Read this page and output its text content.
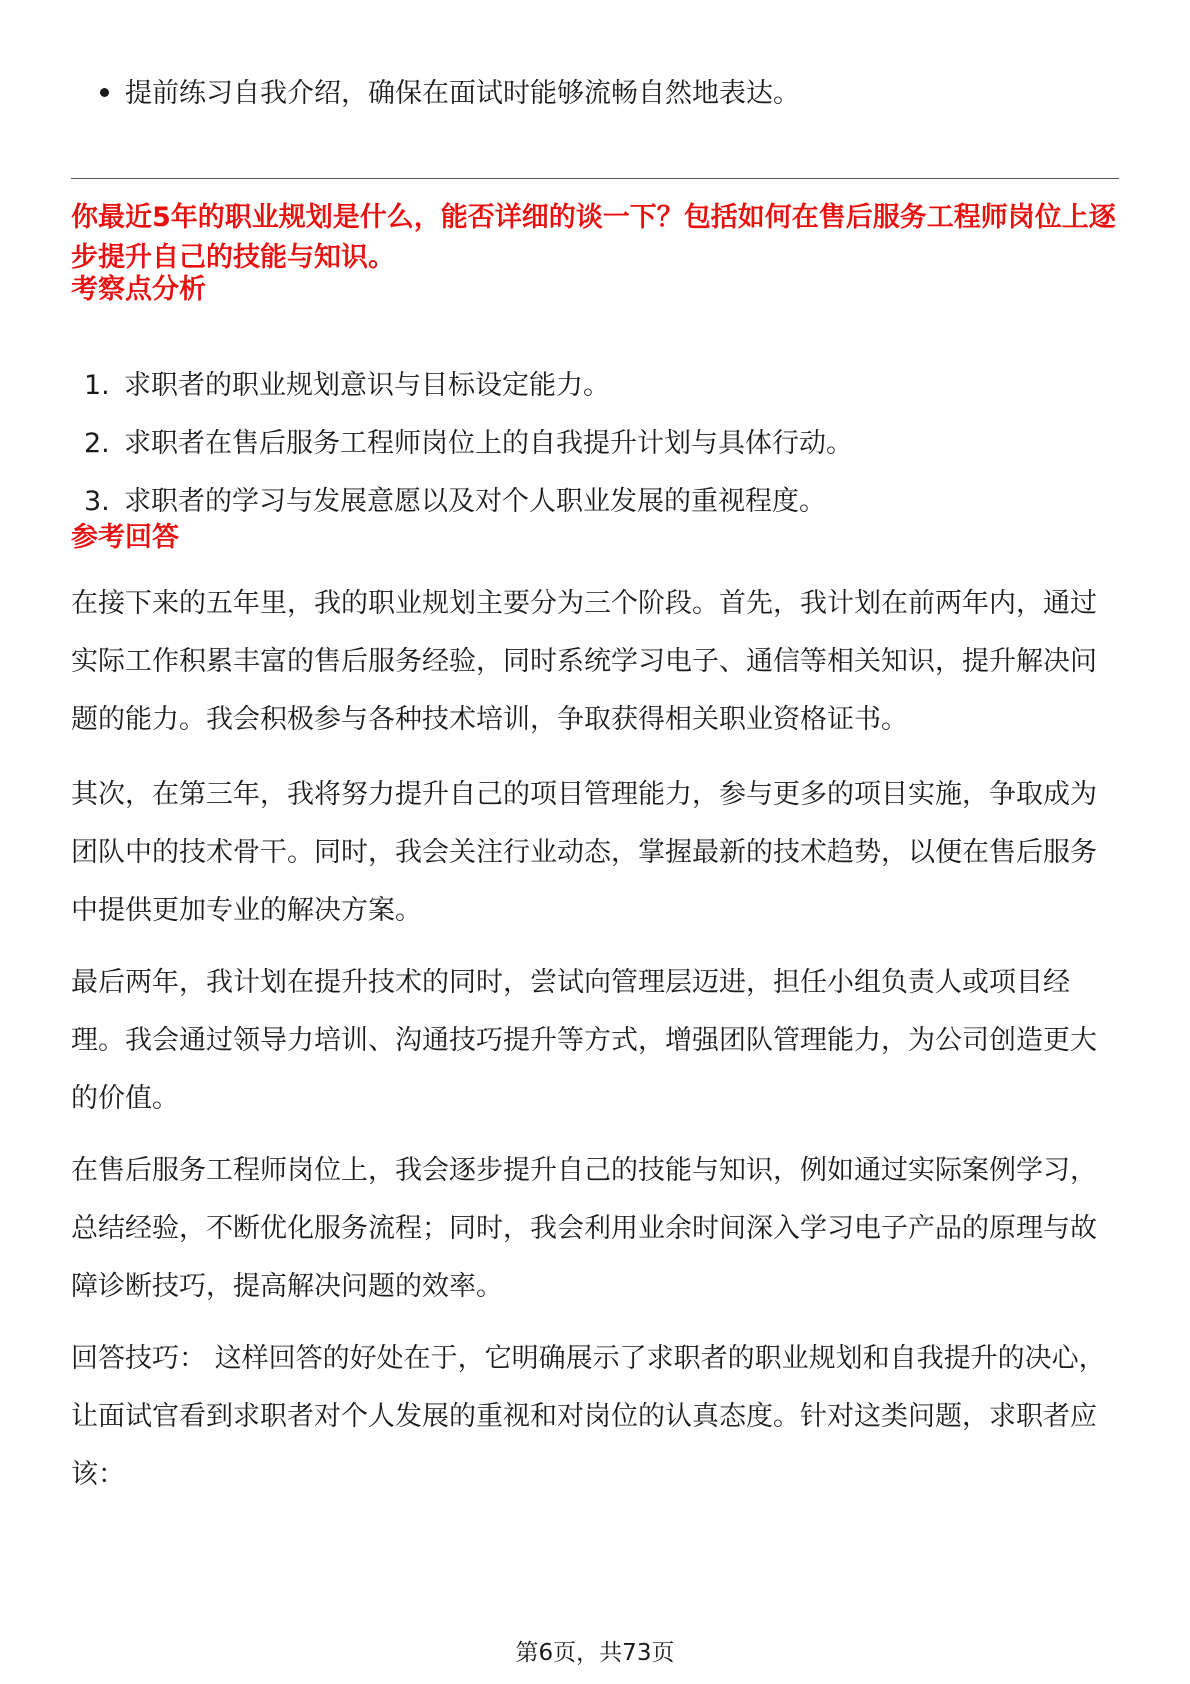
提前练习自我介绍，确保在面试时能够流畅自然地表达。
你最近5年的职业规划是什么，能否详细的谈一下？包括如何在售后服务工程师岗位上逐步提升自己的技能与知识。
考察点分析
1. 求职者的职业规划意识与目标设定能力。
2. 求职者在售后服务工程师岗位上的自我提升计划与具体行动。
3. 求职者的学习与发展意愿以及对个人职业发展的重视程度。
参考回答
在接下来的五年里，我的职业规划主要分为三个阶段。首先，我计划在前两年内，通过实际工作积累丰富的售后服务经验，同时系统学习电子、通信等相关知识，提升解决问题的能力。我会积极参与各种技术培训，争取获得相关职业资格证书。
其次，在第三年，我将努力提升自己的项目管理能力，参与更多的项目实施，争取成为团队中的技术骨干。同时，我会关注行业动态，掌握最新的技术趋势，以便在售后服务中提供更加专业的解决方案。
最后两年，我计划在提升技术的同时，尝试向管理层迈进，担任小组负责人或项目经理。我会通过领导力培训、沟通技巧提升等方式，增强团队管理能力，为公司创造更大的价值。
在售后服务工程师岗位上，我会逐步提升自己的技能与知识，例如通过实际案例学习，总结经验，不断优化服务流程；同时，我会利用业余时间深入学习电子产品的原理与故障诊断技巧，提高解决问题的效率。
回答技巧： 这样回答的好处在于，它明确展示了求职者的职业规划和自我提升的决心，让面试官看到求职者对个人发展的重视和对岗位的认真态度。针对这类问题，求职者应该：
第6页，共73页
